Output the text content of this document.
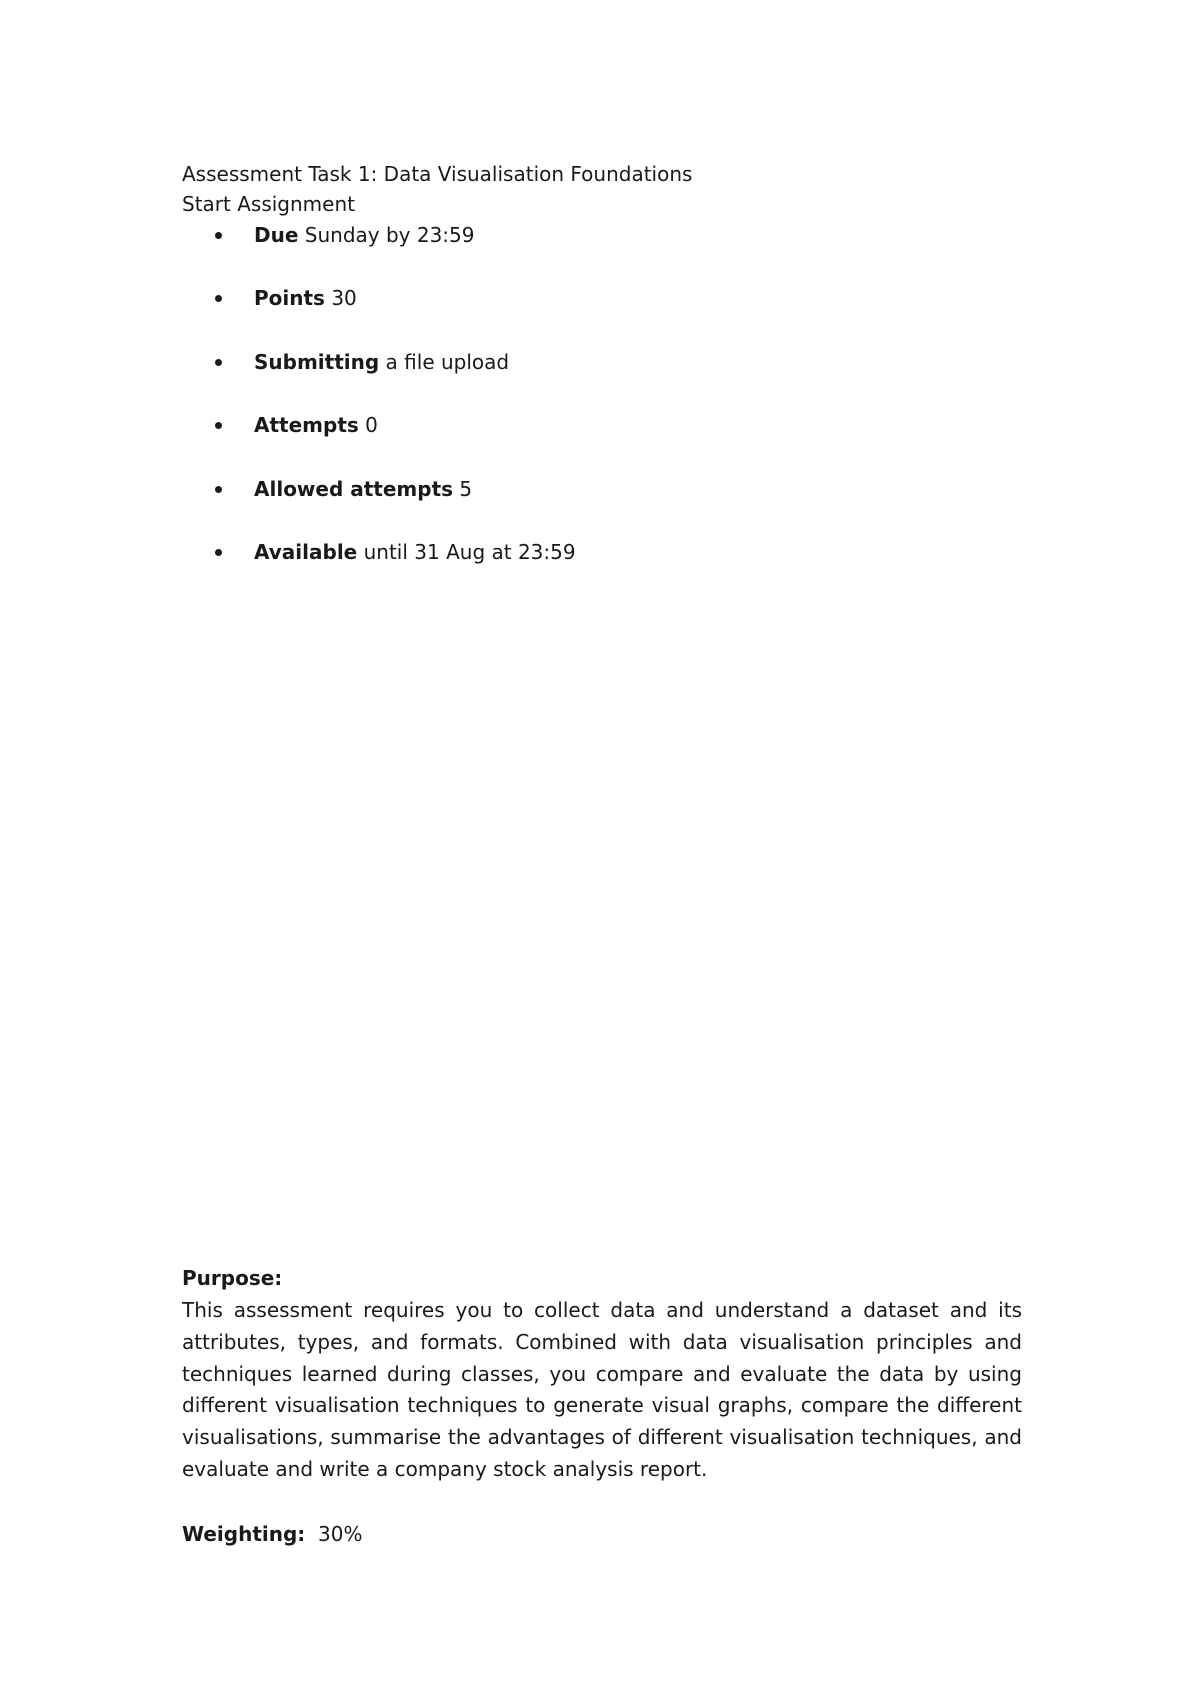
Assessment Task 1: Data Visualisation Foundations
Start Assignment
Due Sunday by 23:59
Points 30
Submitting a file upload
Attempts 0
Allowed attempts 5
Available until 31 Aug at 23:59
Purpose:

This assessment requires you to collect data and understand a dataset and its attributes, types, and formats. Combined with data visualisation principles and techniques learned during classes, you compare and evaluate the data by using different visualisation techniques to generate visual graphs, compare the different visualisations, summarise the advantages of different visualisation techniques, and evaluate and write a company stock analysis report.

Weighting: 30%
